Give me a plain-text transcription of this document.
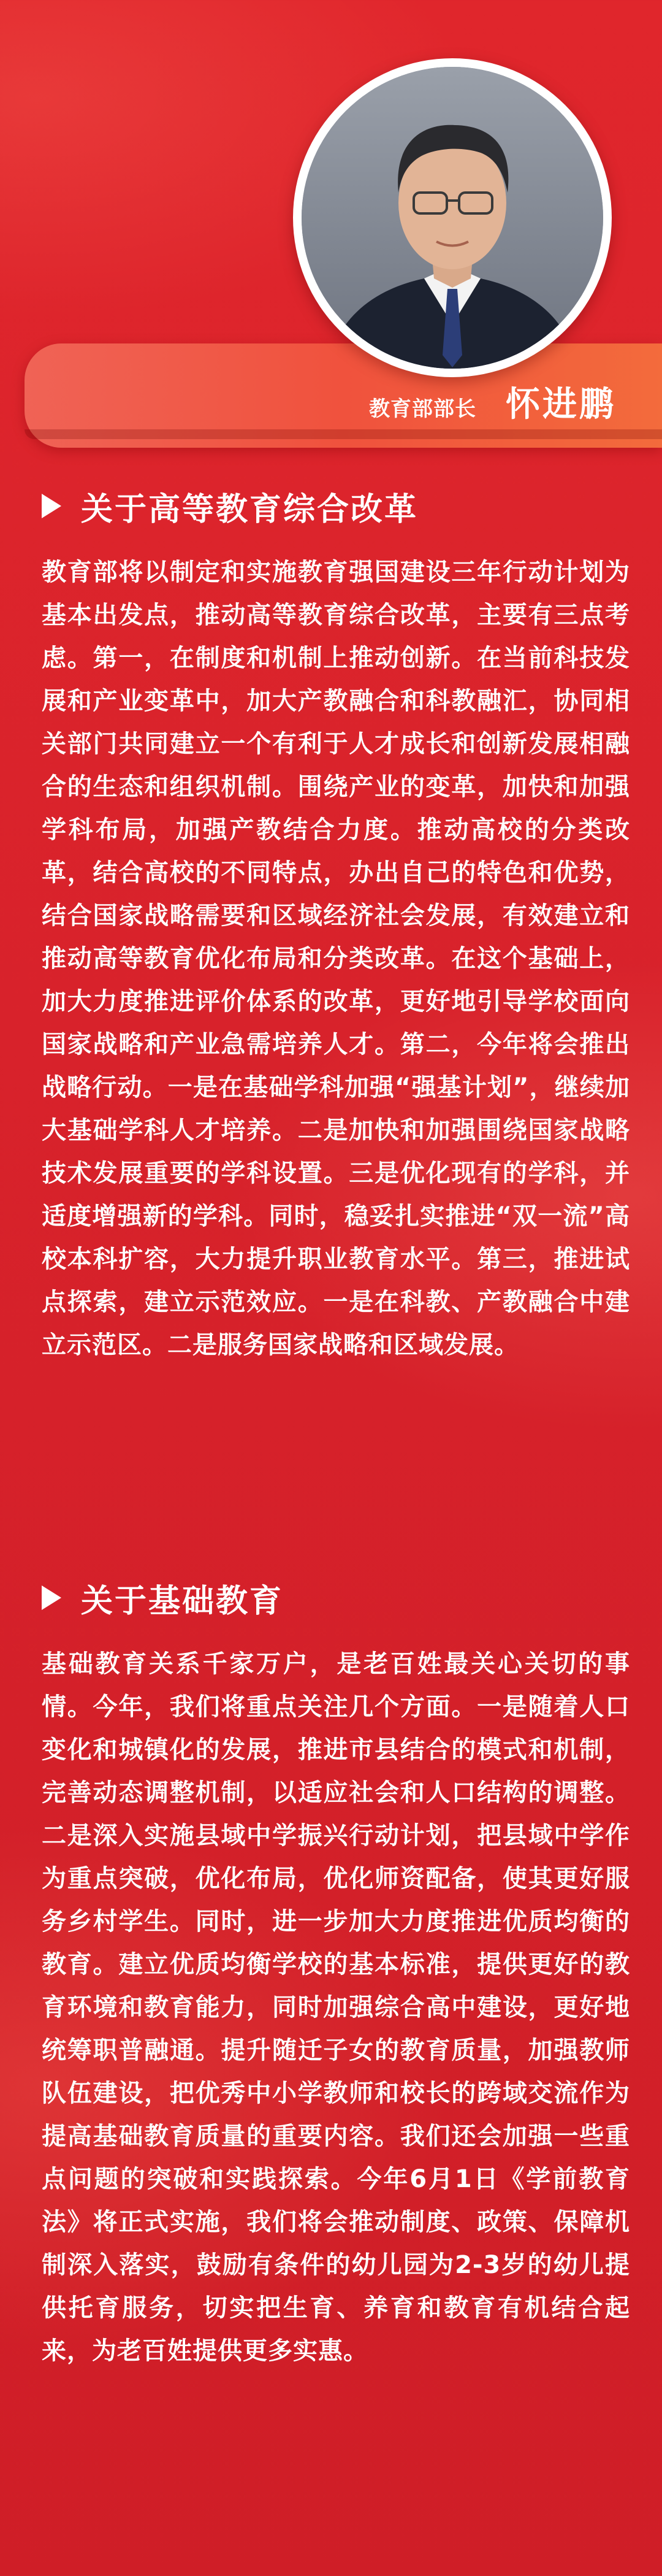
教育部部长 怀进鹏
关于高等教育综合改革

教育部将以制定和实施教育强国建设三年行动计划为基本出发点，推动高等教育综合改革，主要有三点考虑。第一，在制度和机制上推动创新。在当前科技发展和产业变革中，加大产教融合和科教融汇，协同相关部门共同建立一个有利于人才成长和创新发展相融合的生态和组织机制。围绕产业的变革，加快和加强学科布局，加强产教结合力度。推动高校的分类改革，结合高校的不同特点，办出自己的特色和优势，结合国家战略需要和区域经济社会发展，有效建立和推动高等教育优化布局和分类改革。在这个基础上，加大力度推进评价体系的改革，更好地引导学校面向国家战略和产业急需培养人才。第二，今年将会推出战略行动。一是在基础学科加强“强基计划”，继续加大基础学科人才培养。二是加快和加强围绕国家战略技术发展重要的学科设置。三是优化现有的学科，并适度增强新的学科。同时，稳妥扎实推进“双一流”高校本科扩容，大力提升职业教育水平。第三，推进试点探索，建立示范效应。一是在科教、产教融合中建立示范区。二是服务国家战略和区域发展。

关于基础教育

基础教育关系千家万户，是老百姓最关心关切的事情。今年，我们将重点关注几个方面。一是随着人口变化和城镇化的发展，推进市县结合的模式和机制，完善动态调整机制，以适应社会和人口结构的调整。二是深入实施县域中学振兴行动计划，把县域中学作为重点突破，优化布局，优化师资配备，使其更好服务乡村学生。同时，进一步加大力度推进优质均衡的教育。建立优质均衡学校的基本标准，提供更好的教育环境和教育能力，同时加强综合高中建设，更好地统筹职普融通。提升随迁子女的教育质量，加强教师队伍建设，把优秀中小学教师和校长的跨域交流作为提高基础教育质量的重要内容。我们还会加强一些重点问题的突破和实践探索。今年6月1日《学前教育法》将正式实施，我们将会推动制度、政策、保障机制深入落实，鼓励有条件的幼儿园为2-3岁的幼儿提供托育服务，切实把生育、养育和教育有机结合起来，为老百姓提供更多实惠。
